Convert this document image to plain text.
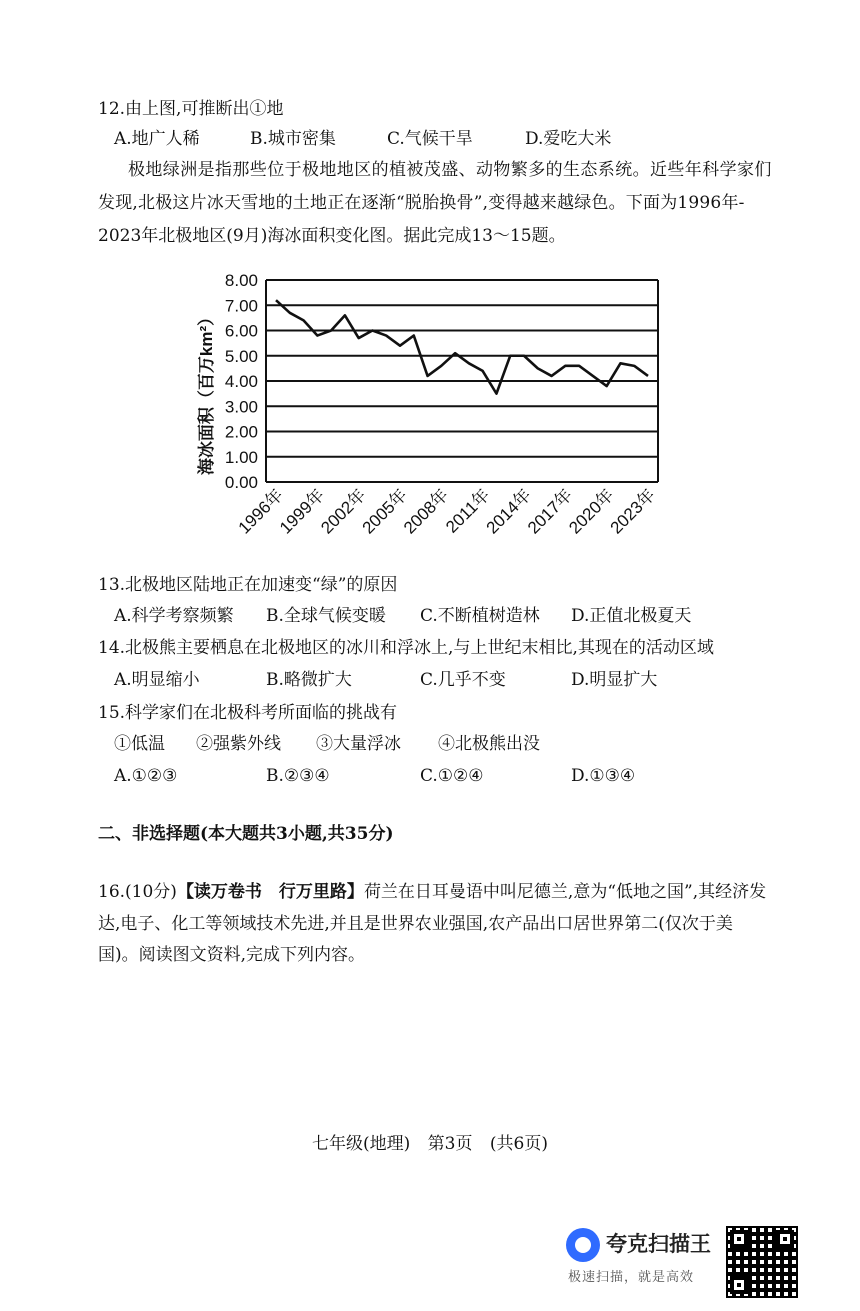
12.由上图,可推断出①地
A.地广人稀	B.城市密集	C.气候干旱	D.爱吃大米
极地绿洲是指那些位于极地地区的植被茂盛、动物繁多的生态系统。近些年科学家们
发现,北极这片冰天雪地的土地正在逐渐“脱胎换骨”,变得越来越绿色。下面为1996年-
2023年北极地区(9月)海冰面积变化图。据此完成13～15题。
0.00
1.00
2.00
3.00
4.00
5.00
6.00
7.00
8.00
1996年
1999年
2002年
2005年
2008年
2011年
2014年
2017年
2020年
2023年
海冰面积（百万km²）
13.北极地区陆地正在加速变“绿”的原因
A.科学考察频繁 B.全球气候变暖 C.不断植树造林 D.正值北极夏天
14.北极熊主要栖息在北极地区的冰川和浮冰上,与上世纪末相比,其现在的活动区域
A.明显缩小	B.略微扩大	C.几乎不变	D.明显扩大
15.科学家们在北极科考所面临的挑战有
①低温 ②强紫外线 ③大量浮冰 ④北极熊出没
A.①②③	B.②③④	C.①②④	D.①③④
二、非选择题(本大题共3小题,共35分)
16.(10分)【读万卷书　行万里路】荷兰在日耳曼语中叫尼德兰,意为“低地之国”,其经济发
达,电子、化工等领域技术先进,并且是世界农业强国,农产品出口居世界第二(仅次于美
国)。阅读图文资料,完成下列内容。
七年级(地理) 第3页 (共6页)
夸克扫描王
极速扫描，就是高效
